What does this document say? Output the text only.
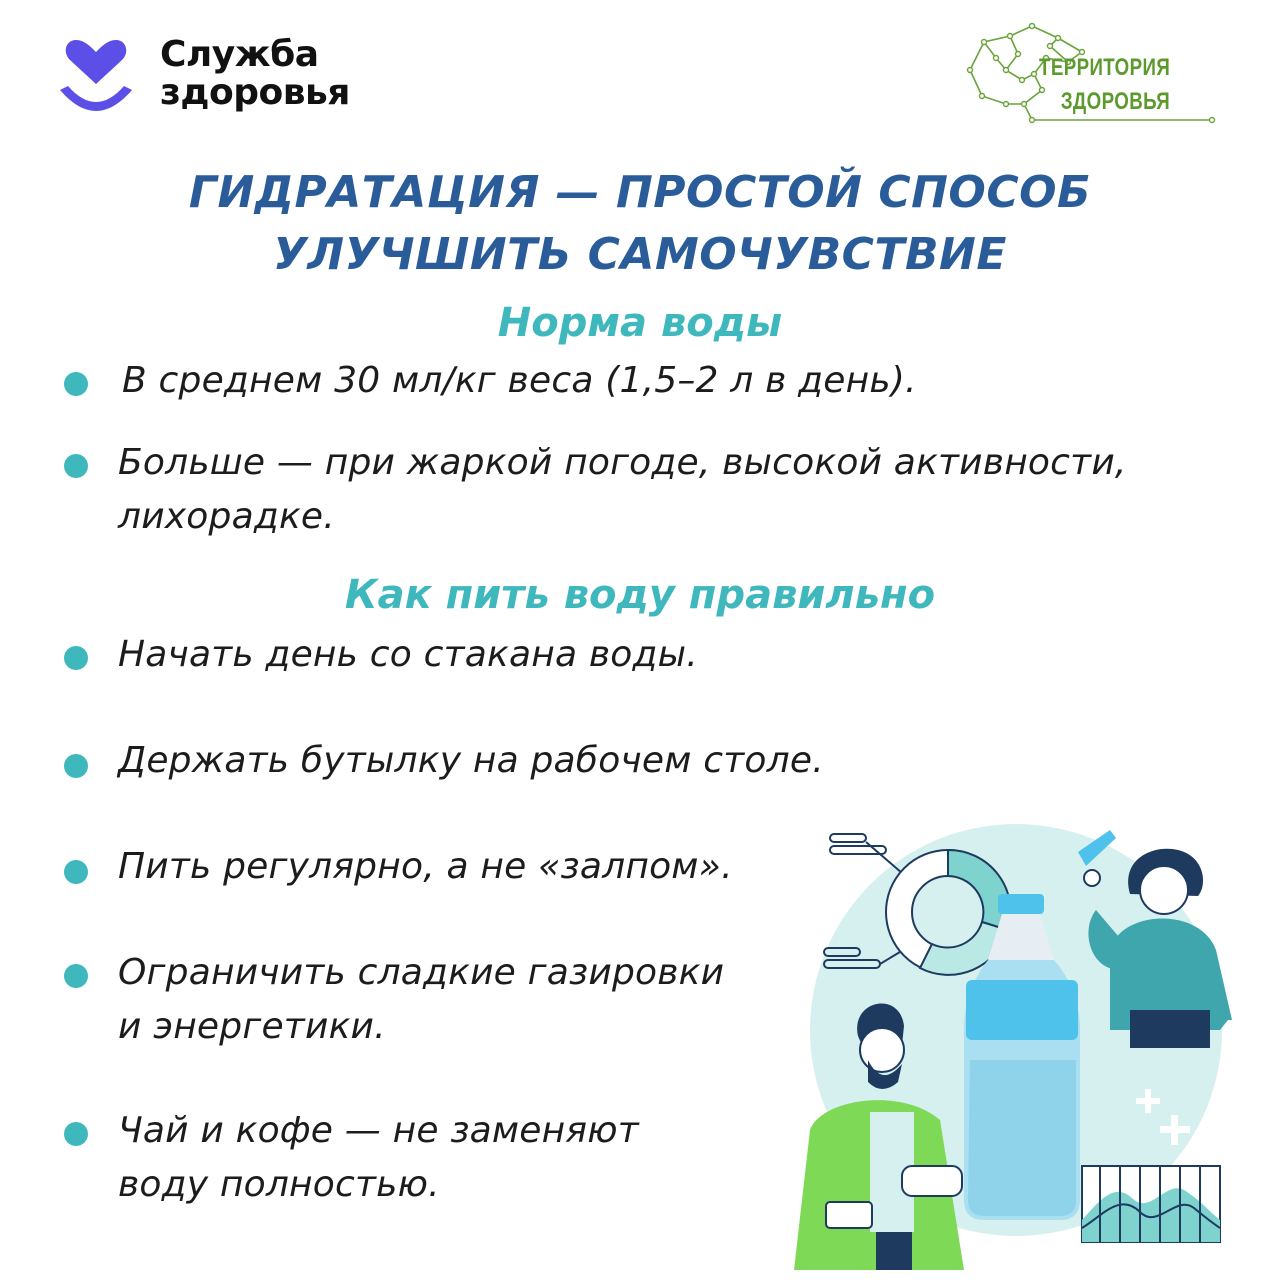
Служба
здоровья
ТЕРРИТОРИЯ
ЗДОРОВЬЯ
ГИДРАТАЦИЯ — ПРОСТОЙ СПОСОБ
УЛУЧШИТЬ САМОЧУВСТВИЕ
Норма воды
В среднем 30 мл/кг веса (1,5–2 л в день).
Больше — при жаркой погоде, высокой активности,
лихорадке.
Как пить воду правильно
Начать день со стакана воды.
Держать бутылку на рабочем столе.
Пить регулярно, а не «залпом».
Ограничить сладкие газировки
и энергетики.
Чай и кофе — не заменяют
воду полностью.
